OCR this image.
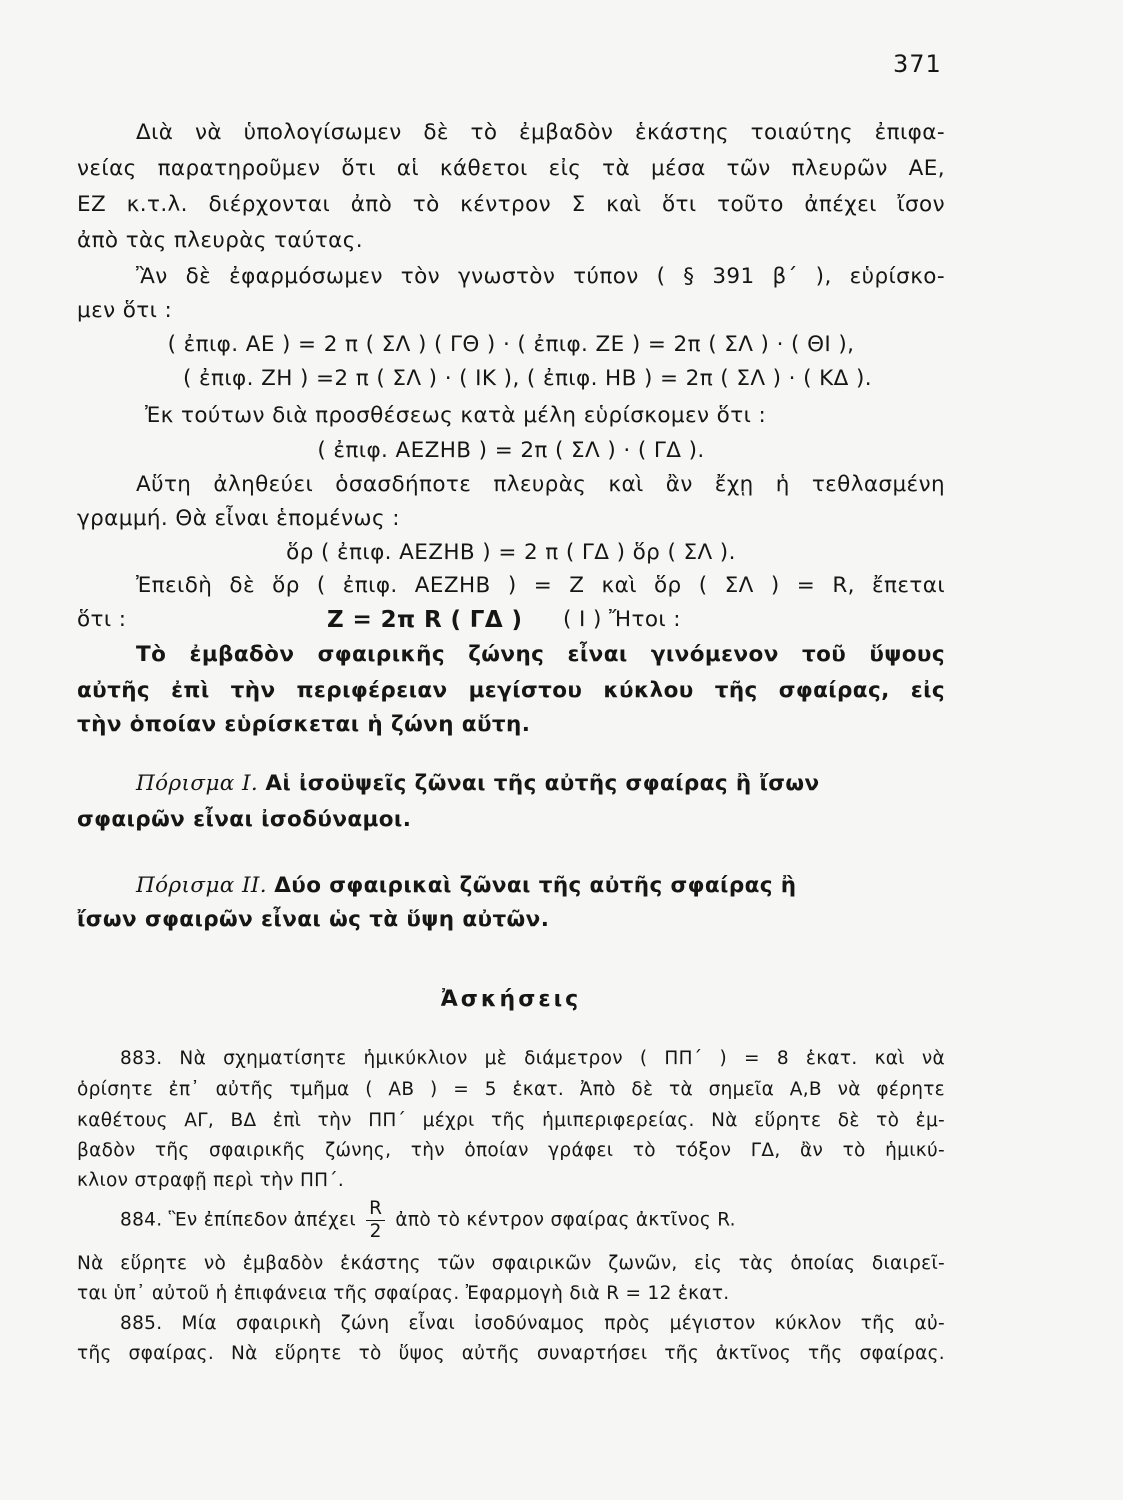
371
Διὰ νὰ ὑπολογίσωμεν δὲ τὸ ἐμβαδὸν ἑκάστης τοιαύτης ἐπιφα-
νείας παρατηροῦμεν ὅτι αἱ κάθετοι εἰς τὰ μέσα τῶν πλευρῶν ΑΕ,
ΕΖ κ.τ.λ. διέρχονται ἀπὸ τὸ κέντρον Σ καὶ ὅτι τοῦτο ἀπέχει ἴσον
ἀπὸ τὰς πλευρὰς ταύτας.
Ἂν δὲ ἐφαρμόσωμεν τὸν γνωστὸν τύπον ( § 391 β΄ ), εὑρίσκο-
μεν ὅτι :
( ἐπιφ. ΑΕ ) = 2 π ( ΣΛ ) ( ΓΘ ) · ( ἐπιφ. ΖΕ ) = 2π ( ΣΛ ) · ( ΘΙ ),
( ἐπιφ. ΖΗ ) =2 π ( ΣΛ ) · ( ΙΚ ), ( ἐπιφ. ΗΒ ) = 2π ( ΣΛ ) · ( ΚΔ ).
Ἐκ τούτων διὰ προσθέσεως κατὰ μέλη εὑρίσκομεν ὅτι :
( ἐπιφ. ΑΕΖΗΒ ) = 2π ( ΣΛ ) · ( ΓΔ ).
Αὕτη ἀληθεύει ὁσασδήποτε πλευρὰς καὶ ἂν ἔχῃ ἡ τεθλασμένη
γραμμή. Θὰ εἶναι ἑπομένως :
ὅρ ( ἐπιφ. ΑΕΖΗΒ ) = 2 π ( ΓΔ ) ὅρ ( ΣΛ ).
Ἐπειδὴ δὲ ὅρ ( ἐπιφ. ΑΕΖΗΒ ) = Ζ καὶ ὅρ ( ΣΛ ) = R, ἔπεται
ὅτι :	Ζ = 2π R ( ΓΔ ) ( Ι ) Ἤτοι :
Τὸ ἐμβαδὸν σφαιρικῆς ζώνης εἶναι γινόμενον τοῦ ὕψους
αὐτῆς ἐπὶ τὴν περιφέρειαν μεγίστου κύκλου τῆς σφαίρας, εἰς
τὴν ὁποίαν εὑρίσκεται ἡ ζώνη αὕτη.
Πόρισμα Ι. Αἱ ἰσοϋψεῖς ζῶναι τῆς αὐτῆς σφαίρας ἢ ἴσων
σφαιρῶν εἶναι ἰσοδύναμοι.
Πόρισμα ΙΙ. Δύο σφαιρικαὶ ζῶναι τῆς αὐτῆς σφαίρας ἢ
ἴσων σφαιρῶν εἶναι ὡς τὰ ὕψη αὐτῶν.
Ἀσκήσεις
883. Νὰ σχηματίσητε ἡμικύκλιον μὲ διάμετρον ( ΠΠ΄ ) = 8 ἑκατ. καὶ νὰ
ὁρίσητε ἐπ᾽ αὐτῆς τμῆμα ( ΑΒ ) = 5 ἑκατ. Ἀπὸ δὲ τὰ σημεῖα Α,Β νὰ φέρητε
καθέτους ΑΓ, ΒΔ ἐπὶ τὴν ΠΠ΄ μέχρι τῆς ἡμιπεριφερείας. Νὰ εὕρητε δὲ τὸ ἐμ-
βαδὸν τῆς σφαιρικῆς ζώνης, τὴν ὁποίαν γράφει τὸ τόξον ΓΔ, ἂν τὸ ἡμικύ-
κλιον στραφῇ περὶ τὴν ΠΠ΄.
884. Ἓν ἐπίπεδον ἀπέχει $\frac{R}{2}$ ἀπὸ τὸ κέντρον σφαίρας ἀκτῖνος R.
Νὰ εὕρητε νὸ ἐμβαδὸν ἑκάστης τῶν σφαιρικῶν ζωνῶν, εἰς τὰς ὁποίας διαιρεῖ-
ται ὑπ᾽ αὐτοῦ ἡ ἐπιφάνεια τῆς σφαίρας. Ἐφαρμογὴ διὰ R = 12 ἑκατ.
885. Μία σφαιρικὴ ζώνη εἶναι ἰσοδύναμος πρὸς μέγιστον κύκλον τῆς αὐ-
τῆς σφαίρας. Νὰ εὕρητε τὸ ὕψος αὐτῆς συναρτήσει τῆς ἀκτῖνος τῆς σφαίρας.
